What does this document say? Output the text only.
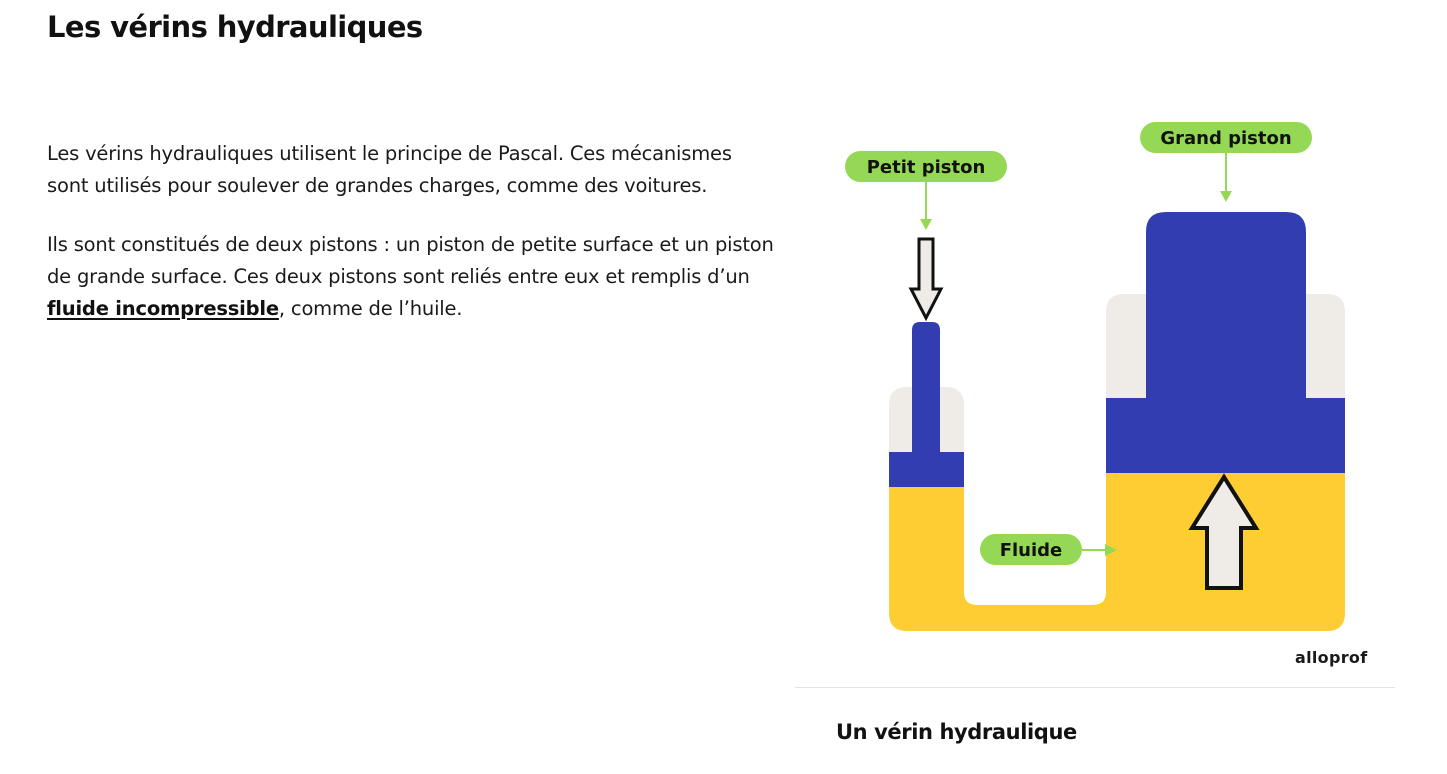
Les vérins hydrauliques

Les vérins hydrauliques utilisent le principe de Pascal. Ces mécanismes sont utilisés pour soulever de grandes charges, comme des voitures.

Ils sont constitués de deux pistons : un piston de petite surface et un piston de grande surface. Ces deux pistons sont reliés entre eux et remplis d’un fluide incompressible, comme de l’huile.

Petit piston
Grand piston
Fluide
alloprof
Un vérin hydraulique
